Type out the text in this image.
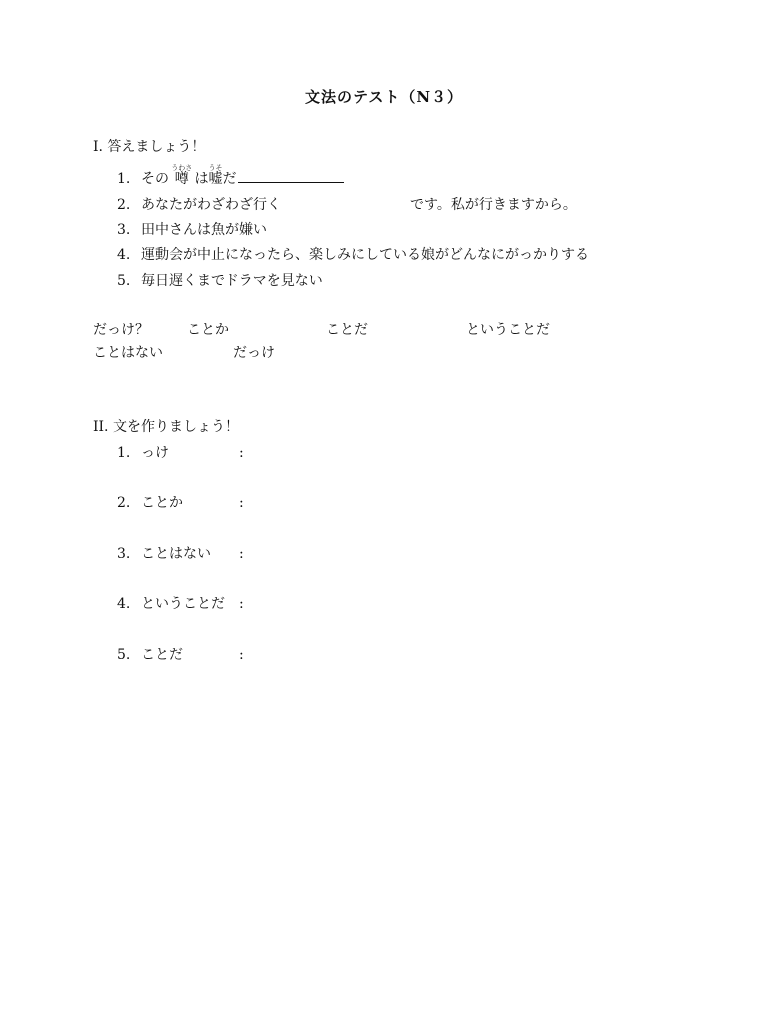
文法のテスト（N３）
I. 答えましょう！
1. その 噂うわさ は嘘うそだ
2. あなたがわざわざ行く	です。私が行きますから。
3. 田中さんは魚が嫌い
4. 運動会が中止になったら、楽しみにしている娘がどんなにがっかりする
5. 毎日遅くまでドラマを見ない
だっけ？	ことか	ことだ	ということだ
ことはない	だっけ
II. 文を作りましょう！
1. っけ	:
2. ことか	:
3. ことはない :
4. ということだ :
5. ことだ	:
